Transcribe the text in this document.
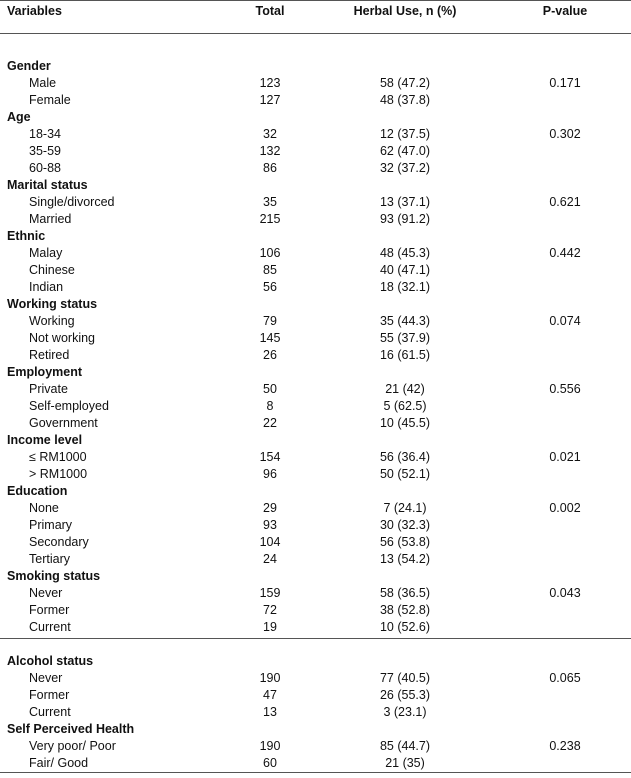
Variables	Total	Herbal Use, n (%)	P-value
Gender
Male	123	58 (47.2)	0.171
Female	127	48 (37.8)
Age
18-34	32	12 (37.5)	0.302
35-59	132	62 (47.0)
60-88	86	32 (37.2)
Marital status
Single/divorced	35	13 (37.1)	0.621
Married	215	93 (91.2)
Ethnic
Malay	106	48 (45.3)	0.442
Chinese	85	40 (47.1)
Indian	56	18 (32.1)
Working status
Working	79	35 (44.3)	0.074
Not working	145	55 (37.9)
Retired	26	16 (61.5)
Employment
Private	50	21 (42)	0.556
Self-employed	8	5 (62.5)
Government	22	10 (45.5)
Income level
≤ RM1000	154	56 (36.4)	0.021
> RM1000	96	50 (52.1)
Education
None	29	7 (24.1)	0.002
Primary	93	30 (32.3)
Secondary	104	56 (53.8)
Tertiary	24	13 (54.2)
Smoking status
Never	159	58 (36.5)	0.043
Former	72	38 (52.8)
Current	19	10 (52.6)
Alcohol status
Never	190	77 (40.5)	0.065
Former	47	26 (55.3)
Current	13	3 (23.1)
Self Perceived Health
Very poor/ Poor	190	85 (44.7)	0.238
Fair/ Good	60	21 (35)
